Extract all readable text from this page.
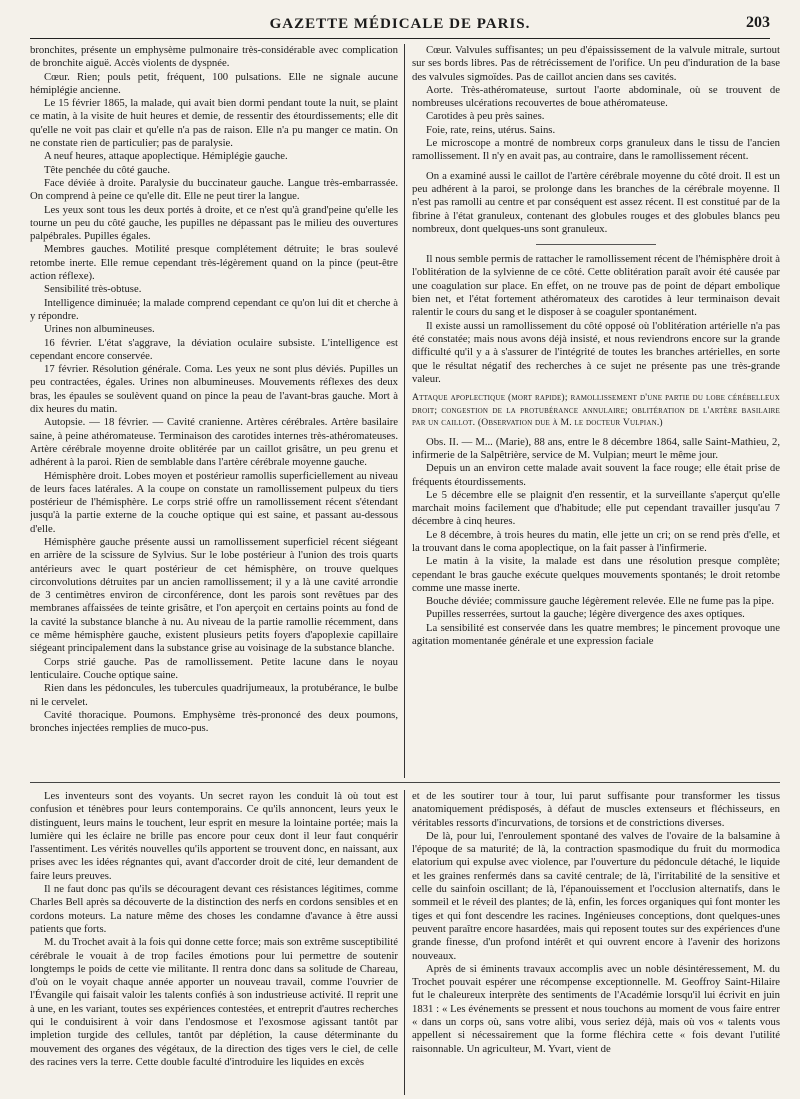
GAZETTE MÉDICALE DE PARIS.	203

bronchites, présente un emphysème pulmonaire très-considérable avec complication de bronchite aiguë. Accès violents de dyspnée.

Cœur. Rien; pouls petit, fréquent, 100 pulsations. Elle ne signale aucune hémiplégie ancienne.

Le 15 février 1865, la malade, qui avait bien dormi pendant toute la nuit, se plaint ce matin, à la visite de huit heures et demie, de ressentir des étourdissements; elle dit qu'elle ne voit pas clair et qu'elle n'a pas de raison. Elle n'a pu manger ce matin. On ne constate rien de particulier; pas de paralysie.

A neuf heures, attaque apoplectique. Hémiplégie gauche.

Tête penchée du côté gauche.

Face déviée à droite. Paralysie du buccinateur gauche. Langue très-embarrassée. On comprend à peine ce qu'elle dit. Elle ne peut tirer la langue.

Les yeux sont tous les deux portés à droite, et ce n'est qu'à grand'peine qu'elle les tourne un peu du côté gauche, les pupilles ne dépassant pas le milieu des ouvertures palpébrales. Pupilles égales.

Membres gauches. Motilité presque complétement détruite; le bras soulevé retombe inerte. Elle remue cependant très-légèrement quand on la pince (peut-être action réflexe).

Sensibilité très-obtuse.

Intelligence diminuée; la malade comprend cependant ce qu'on lui dit et cherche à y répondre.

Urines non albumineuses.

16 février. L'état s'aggrave, la déviation oculaire subsiste. L'intelligence est cependant encore conservée.

17 février. Résolution générale. Coma. Les yeux ne sont plus déviés. Pupilles un peu contractées, égales. Urines non albumineuses. Mouvements réflexes des deux bras, les épaules se soulèvent quand on pince la peau de l'avant-bras gauche. Mort à dix heures du matin.

Autopsie. — 18 février. — Cavité cranienne. Artères cérébrales. Artère basilaire saine, à peine athéromateuse. Terminaison des carotides internes très-athéromateuses. Artère cérébrale moyenne droite oblitérée par un caillot grisâtre, un peu grenu et adhérent à la paroi. Rien de semblable dans l'artère cérébrale moyenne gauche.

Hémisphère droit. Lobes moyen et postérieur ramollis superficiellement au niveau de leurs faces latérales. A la coupe on constate un ramollissement pulpeux du tiers postérieur de l'hémisphère. Le corps strié offre un ramollissement récent s'étendant jusqu'à la partie externe de la couche optique qui est saine, et passant au-dessous d'elle.

Hémisphère gauche présente aussi un ramollissement superficiel récent siégeant en arrière de la scissure de Sylvius. Sur le lobe postérieur à l'union des trois quarts antérieurs avec le quart postérieur de cet hémisphère, on trouve quelques circonvolutions détruites par un ancien ramollissement; il y a là une cavité arrondie de 3 centimètres environ de circonférence, dont les parois sont revêtues par des membranes affaissées de teinte grisâtre, et l'on aperçoit en certains points au fond de la cavité la substance blanche à nu. Au niveau de la partie ramollie récemment, dans ce même hémisphère gauche, existent plusieurs petits foyers d'apoplexie capillaire siégeant principalement dans la substance grise au voisinage de la substance blanche.

Corps strié gauche. Pas de ramollissement. Petite lacune dans le noyau lenticulaire. Couche optique saine.

Rien dans les pédoncules, les tubercules quadrijumeaux, la protubérance, le bulbe ni le cervelet.

Cavité thoracique. Poumons. Emphysème très-prononcé des deux poumons, bronches injectées remplies de muco-pus.

Cœur. Valvules suffisantes; un peu d'épaississement de la valvule mitrale, surtout sur ses bords libres. Pas de rétrécissement de l'orifice. Un peu d'induration de la base des valvules sigmoïdes. Pas de caillot ancien dans ses cavités.

Aorte. Très-athéromateuse, surtout l'aorte abdominale, où se trouvent de nombreuses ulcérations recouvertes de boue athéromateuse.

Carotides à peu près saines.

Foie, rate, reins, utérus. Sains.

Le microscope a montré de nombreux corps granuleux dans le tissu de l'ancien ramollissement. Il n'y en avait pas, au contraire, dans le ramollissement récent.

On a examiné aussi le caillot de l'artère cérébrale moyenne du côté droit. Il est un peu adhérent à la paroi, se prolonge dans les branches de la cérébrale moyenne. Il n'est pas ramolli au centre et par conséquent est assez récent. Il est constitué par de la fibrine à l'état granuleux, contenant des globules rouges et des globules blancs peu nombreux, dont quelques-uns sont granuleux.

Il nous semble permis de rattacher le ramollissement récent de l'hémisphère droit à l'oblitération de la sylvienne de ce côté. Cette oblitération paraît avoir été causée par une coagulation sur place. En effet, on ne trouve pas de point de départ embolique bien net, et l'état fortement athéromateux des carotides à leur terminaison devait ralentir le cours du sang et le disposer à se coaguler spontanément.

Il existe aussi un ramollissement du côté opposé où l'oblitération artérielle n'a pas été constatée; mais nous avons déjà insisté, et nous reviendrons encore sur la grande difficulté qu'il y a à s'assurer de l'intégrité de toutes les branches artérielles, en sorte que le résultat négatif des recherches à ce sujet ne présente pas une très-grande valeur.

Attaque apoplectique (mort rapide); ramollissement d'une partie du lobe cérébelleux droit; congestion de la protubérance annulaire; oblitération de l'artère basilaire par un caillot. (Observation due à M. le docteur Vulpian.)

Obs. II. — M... (Marie), 88 ans, entre le 8 décembre 1864, salle Saint-Mathieu, 2, infirmerie de la Salpêtrière, service de M. Vulpian; meurt le même jour.

Depuis un an environ cette malade avait souvent la face rouge; elle était prise de fréquents étourdissements.

Le 5 décembre elle se plaignit d'en ressentir, et la surveillante s'aperçut qu'elle marchait moins facilement que d'habitude; elle put cependant travailler jusqu'au 7 décembre à cinq heures.

Le 8 décembre, à trois heures du matin, elle jette un cri; on se rend près d'elle, et la trouvant dans le coma apoplectique, on la fait passer à l'infirmerie.

Le matin à la visite, la malade est dans une résolution presque complète; cependant le bras gauche exécute quelques mouvements spontanés; le droit retombe comme une masse inerte.

Bouche déviée; commissure gauche légèrement relevée. Elle ne fume pas la pipe.

Pupilles resserrées, surtout la gauche; légère divergence des axes optiques.

La sensibilité est conservée dans les quatre membres; le pincement provoque une agitation momentanée générale et une expression faciale

Les inventeurs sont des voyants. Un secret rayon les conduit là où tout est confusion et ténèbres pour leurs contemporains. Ce qu'ils annoncent, leurs yeux le distinguent, leurs mains le touchent, leur esprit en mesure la lointaine portée; mais la lumière qui les éclaire ne brille pas encore pour ceux dont il leur faut conquérir l'assentiment. Les vérités nouvelles qu'ils apportent se trouvent donc, en naissant, aux prises avec les idées régnantes qui, avant d'accorder droit de cité, leur demandent de faire leurs preuves.

Il ne faut donc pas qu'ils se découragent devant ces résistances légitimes, comme Charles Bell après sa découverte de la distinction des nerfs en cordons sensibles et en cordons moteurs. La nature même des choses les condamne d'avance à être aussi patients que forts.

M. du Trochet avait à la fois qui donne cette force; mais son extrême susceptibilité cérébrale le vouait à de trop faciles émotions pour lui permettre de soutenir longtemps le poids de cette vie militante. Il rentra donc dans sa solitude de Chareau, d'où on le voyait chaque année apporter un nouveau travail, comme l'ouvrier de l'Évangile qui faisait valoir les talents confiés à son industrieuse activité. Il reprit une à une, en les variant, toutes ses expériences contestées, et entreprit d'autres recherches qui le conduisirent à voir dans l'endosmose et l'exosmose agissant tantôt par impletion turgide des cellules, tantôt par déplétion, la cause déterminante du mouvement des organes des végétaux, de la direction des tiges vers le ciel, de celle des racines vers la terre. Cette double faculté d'introduire les liquides en excès

et de les soutirer tour à tour, lui parut suffisante pour transformer les tissus anatomiquement prédisposés, à défaut de muscles extenseurs et fléchisseurs, en véritables ressorts d'incurvations, de torsions et de constrictions diverses.

De là, pour lui, l'enroulement spontané des valves de l'ovaire de la balsamine à l'époque de sa maturité; de là, la contraction spasmodique du fruit du mormodica elatorium qui expulse avec violence, par l'ouverture du pédoncule détaché, le liquide et les graines renfermés dans sa cavité centrale; de là, l'irritabilité de la sensitive et celle du sainfoin oscillant; de là, l'épanouissement et l'occlusion alternatifs, dans le sommeil et le réveil des plantes; de là, enfin, les forces organiques qui font monter les tiges et qui font descendre les racines. Ingénieuses conceptions, dont quelques-unes peuvent paraître encore hasardées, mais qui reposent toutes sur des expériences d'une grande finesse, d'un profond intérêt et qui ouvrent encore à l'avenir des horizons nouveaux.

Après de si éminents travaux accomplis avec un noble désintéressement, M. du Trochet pouvait espérer une récompense exceptionnelle. M. Geoffroy Saint-Hilaire fut le chaleureux interprète des sentiments de l'Académie lorsqu'il lui écrivit en juin 1831 : « Les événements se pressent et nous touchons au moment de vous faire entrer « dans un corps où, sans votre alibi, vous seriez déjà, mais où vos « talents vous appellent si nécessairement que la forme fléchira cette « fois devant l'utilité raisonnable. Un agriculteur, M. Yvart, vient de
